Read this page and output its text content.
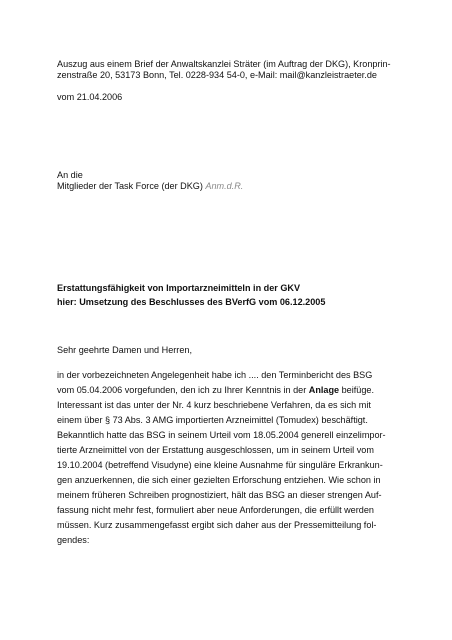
Auszug aus einem Brief der Anwaltskanzlei Sträter (im Auftrag der DKG), Kronprin-

zenstraße 20, 53173 Bonn, Tel. 0228-934 54-0, e-Mail: mail@kanzleistraeter.de

vom 21.04.2006

An die

Mitglieder der Task Force (der DKG) Anm.d.R.

Erstattungsfähigkeit von Importarzneimitteln in der GKV

hier: Umsetzung des Beschlusses des BVerfG vom 06.12.2005

Sehr geehrte Damen und Herren,

in der vorbezeichneten Angelegenheit habe ich .... den Terminbericht des BSG

vom 05.04.2006 vorgefunden, den ich zu Ihrer Kenntnis in der Anlage beifüge.

Interessant ist das unter der Nr. 4 kurz beschriebene Verfahren, da es sich mit

einem über § 73 Abs. 3 AMG importierten Arzneimittel (Tomudex) beschäftigt.

Bekanntlich hatte das BSG in seinem Urteil vom 18.05.2004 generell einzelimpor-

tierte Arzneimittel von der Erstattung ausgeschlossen, um in seinem Urteil vom

19.10.2004 (betreffend Visudyne) eine kleine Ausnahme für singuläre Erkrankun-

gen anzuerkennen, die sich einer gezielten Erforschung entziehen. Wie schon in

meinem früheren Schreiben prognostiziert, hält das BSG an dieser strengen Auf-

fassung nicht mehr fest, formuliert aber neue Anforderungen, die erfüllt werden

müssen. Kurz zusammengefasst ergibt sich daher aus der Pressemitteilung fol-

gendes:
